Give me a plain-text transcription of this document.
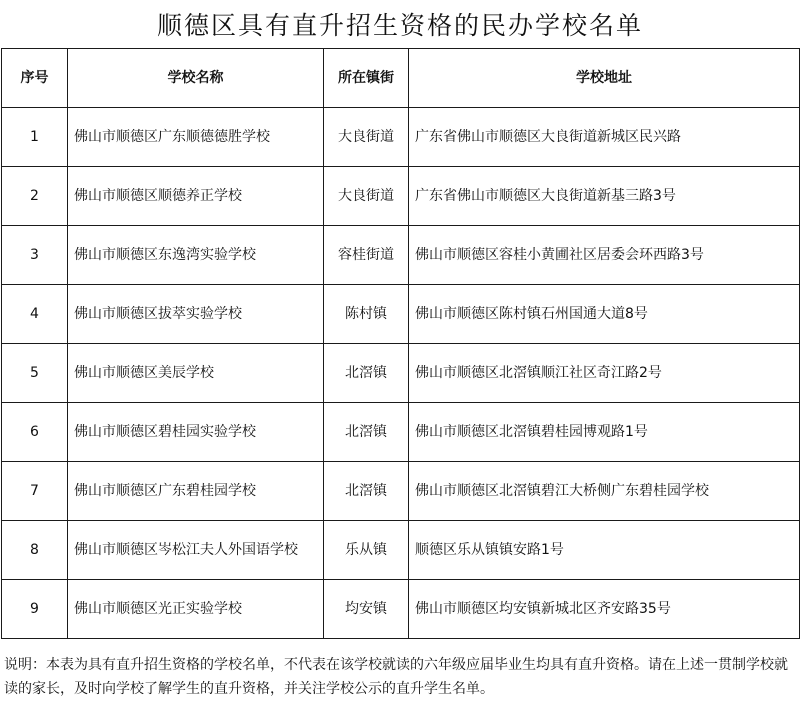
顺德区具有直升招生资格的民办学校名单
序号	学校名称	所在镇街	学校地址
1	佛山市顺德区广东顺德德胜学校	大良街道	广东省佛山市顺德区大良街道新城区民兴路
2	佛山市顺德区顺德养正学校	大良街道	广东省佛山市顺德区大良街道新基三路3号
3	佛山市顺德区东逸湾实验学校	容桂街道	佛山市顺德区容桂小黄圃社区居委会环西路3号
4	佛山市顺德区拔萃实验学校	陈村镇	佛山市顺德区陈村镇石州国通大道8号
5	佛山市顺德区美辰学校	北滘镇	佛山市顺德区北滘镇顺江社区奇江路2号
6	佛山市顺德区碧桂园实验学校	北滘镇	佛山市顺德区北滘镇碧桂园博观路1号
7	佛山市顺德区广东碧桂园学校	北滘镇	佛山市顺德区北滘镇碧江大桥侧广东碧桂园学校
8	佛山市顺德区岑松江夫人外国语学校	乐从镇	顺德区乐从镇镇安路1号
9	佛山市顺德区光正实验学校	均安镇	佛山市顺德区均安镇新城北区齐安路35号
说明：本表为具有直升招生资格的学校名单，不代表在该学校就读的六年级应届毕业生均具有直升资格。请在上述一贯制学校就读的家长，及时向学校了解学生的直升资格，并关注学校公示的直升学生名单。
